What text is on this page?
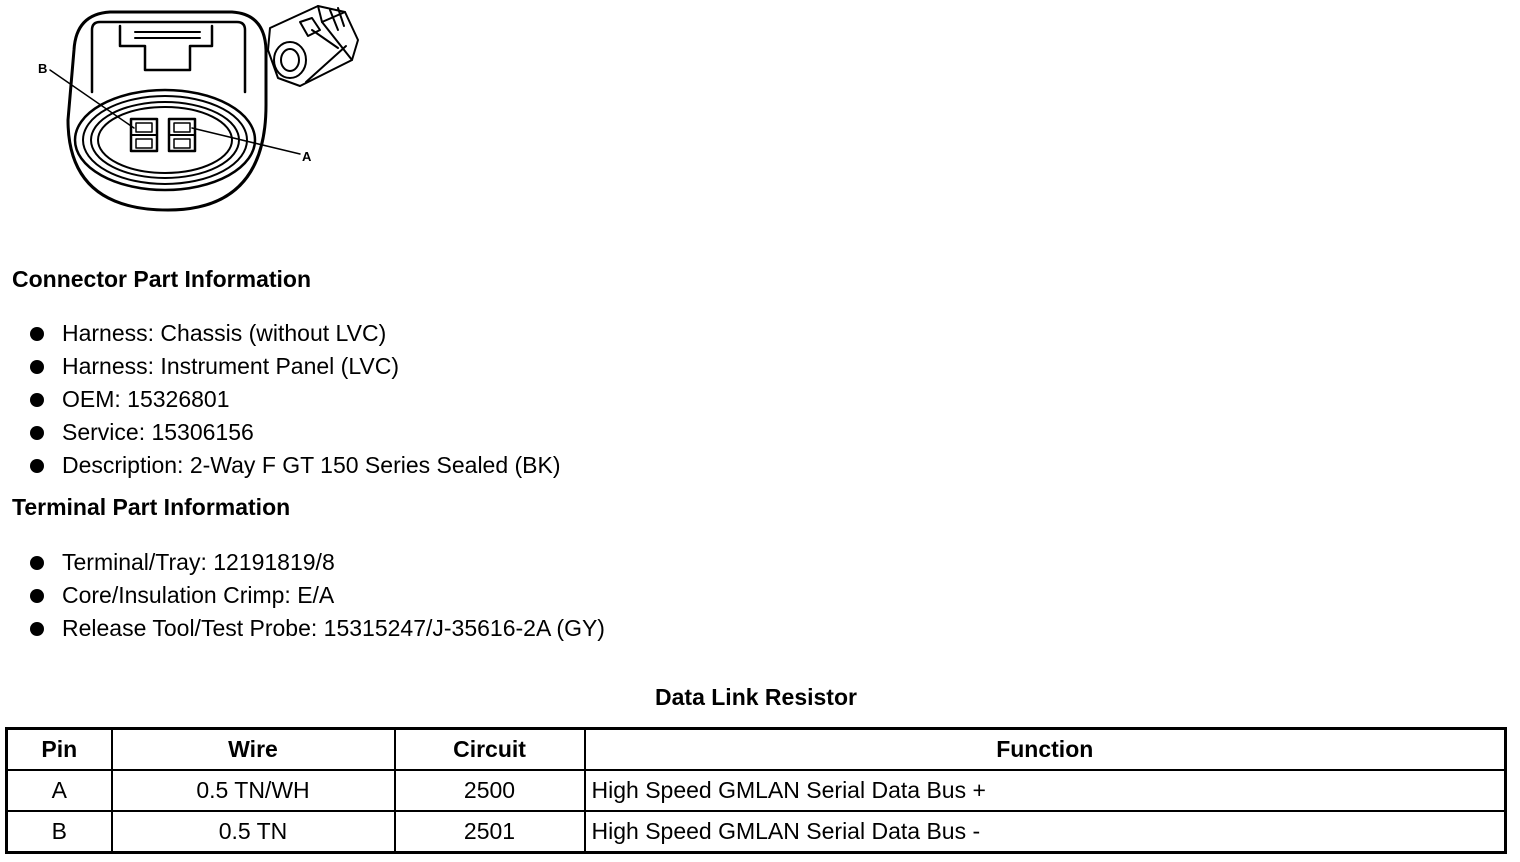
B
A
Connector Part Information
Harness: Chassis (without LVC)
Harness: Instrument Panel (LVC)
OEM: 15326801
Service: 15306156
Description: 2-Way F GT 150 Series Sealed (BK)
Terminal Part Information
Terminal/Tray: 12191819/8
Core/Insulation Crimp: E/A
Release Tool/Test Probe: 15315247/J-35616-2A (GY)
Data Link Resistor
Pin	Wire	Circuit	Function
A	0.5 TN/WH	2500	High Speed GMLAN Serial Data Bus +
B	0.5 TN	2501	High Speed GMLAN Serial Data Bus -
